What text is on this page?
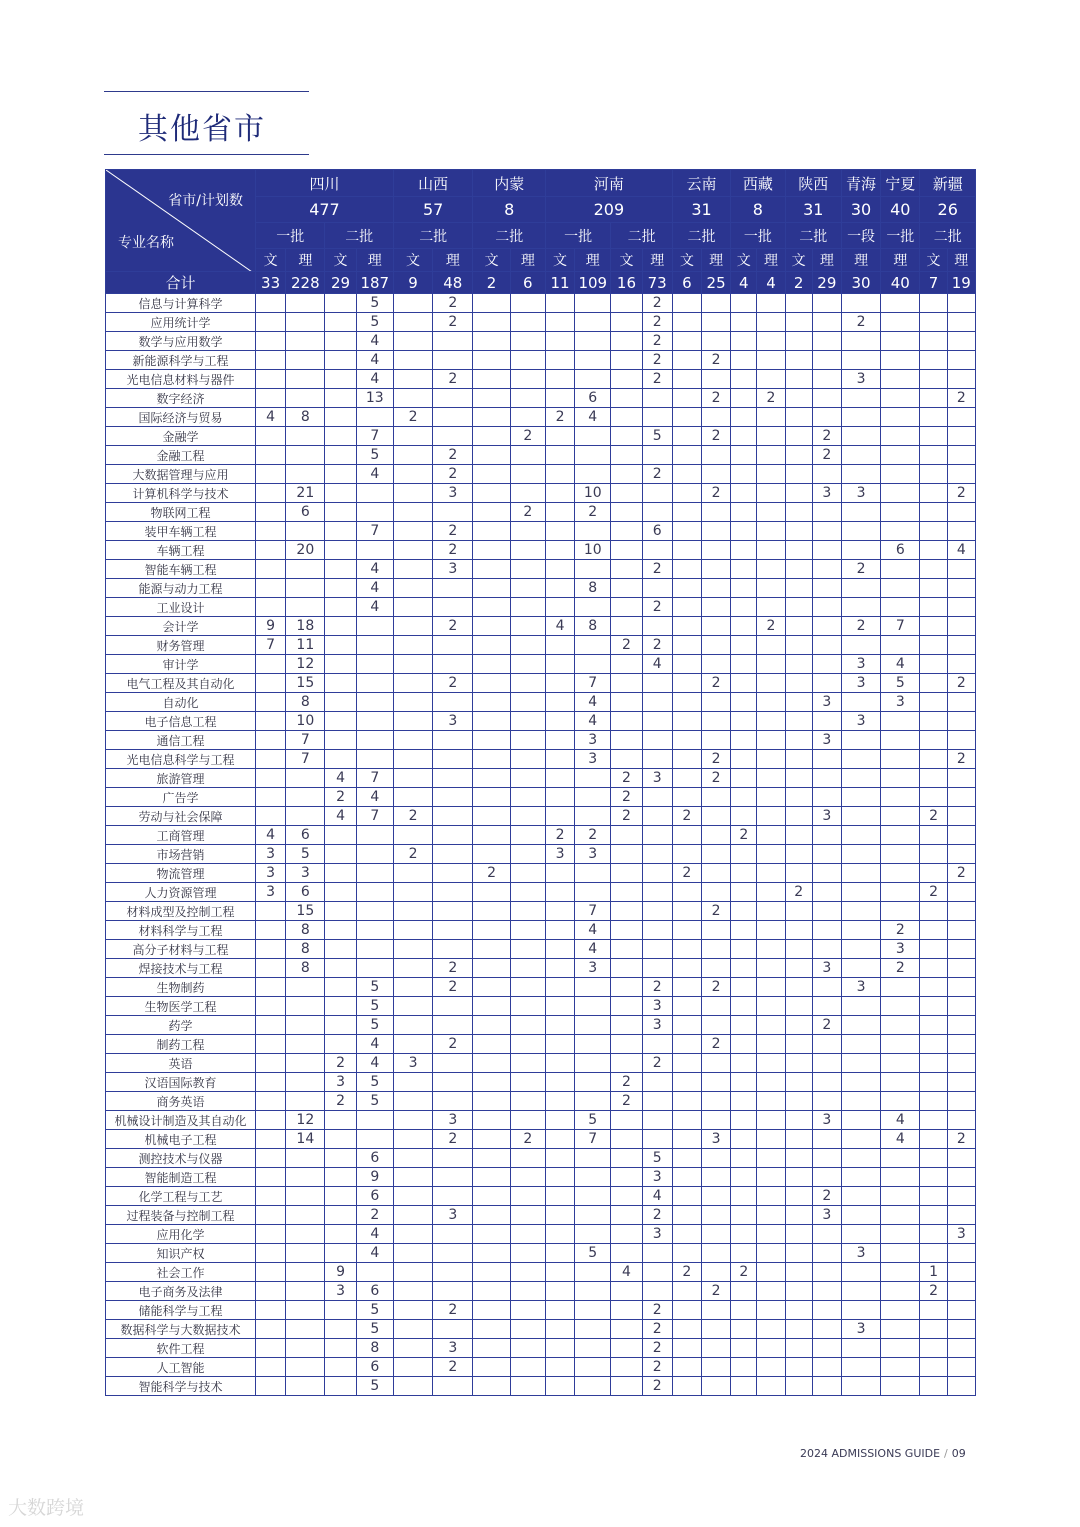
其他省市
省市/计划数
专业名称	四川				山西		内蒙		河南				云南		西藏		陕西		青海	宁夏	新疆	
	477				57		8		209				31		8		31		30	40	26	
	一批		二批		二批		二批		一批		二批		二批		一批		二批		一段	一批	二批	
	文	理	文	理	文	理	文	理	文	理	文	理	文	理	文	理	文	理	理	理	文	理
合计	33	228	29	187	9	48	2	6	11	109	16	73	6	25	4	4	2	29	30	40	7	19
信息与计算科学				5		2						2										
应用统计学				5		2						2							2			
数学与应用数学				4								2										
新能源科学与工程				4								2		2								
光电信息材料与器件				4		2						2							3			
数字经济				13						6				2		2						2
国际经济与贸易	4	8			2				2	4												
金融学				7				2				5		2				2				
金融工程				5		2												2				
大数据管理与应用				4		2						2										
计算机科学与技术		21				3				10				2				3	3			2
物联网工程		6						2		2												
装甲车辆工程				7		2						6										
车辆工程		20				2				10										6		4
智能车辆工程				4		3						2							2			
能源与动力工程				4						8												
工业设计				4								2										
会计学	9	18				2			4	8						2			2	7		
财务管理	7	11									2	2										
审计学		12										4							3	4		
电气工程及其自动化		15				2				7				2					3	5		2
自动化		8								4								3		3		
电子信息工程		10				3				4									3			
通信工程		7								3								3				
光电信息科学与工程		7								3				2								2
旅游管理			4	7							2	3		2								
广告学			2	4							2											
劳动与社会保障			4	7	2						2		2					3			2	
工商管理	4	6							2	2					2							
市场营销	3	5			2				3	3												
物流管理	3	3					2						2									2
人力资源管理	3	6															2				2	
材料成型及控制工程		15								7				2								
材料科学与工程		8								4										2		
高分子材料与工程		8								4										3		
焊接技术与工程		8				2				3								3		2		
生物制药				5		2						2		2					3			
生物医学工程				5								3										
药学				5								3						2				
制药工程				4		2								2								
英语			2	4	3							2										
汉语国际教育			3	5							2											
商务英语			2	5							2											
机械设计制造及其自动化		12				3				5								3		4		
机械电子工程		14				2		2		7				3						4		2
测控技术与仪器				6								5										
智能制造工程				9								3										
化学工程与工艺				6								4						2				
过程装备与控制工程				2		3						2						3				
应用化学				4								3										3
知识产权				4						5									3			
社会工作			9								4		2		2						1	
电子商务及法律			3	6										2							2	
储能科学与工程				5		2						2										
数据科学与大数据技术				5								2							3			
软件工程				8		3						2										
人工智能				6		2						2										
智能科学与技术				5								2										
2024 ADMISSIONS GUIDE / 09
大数跨境
